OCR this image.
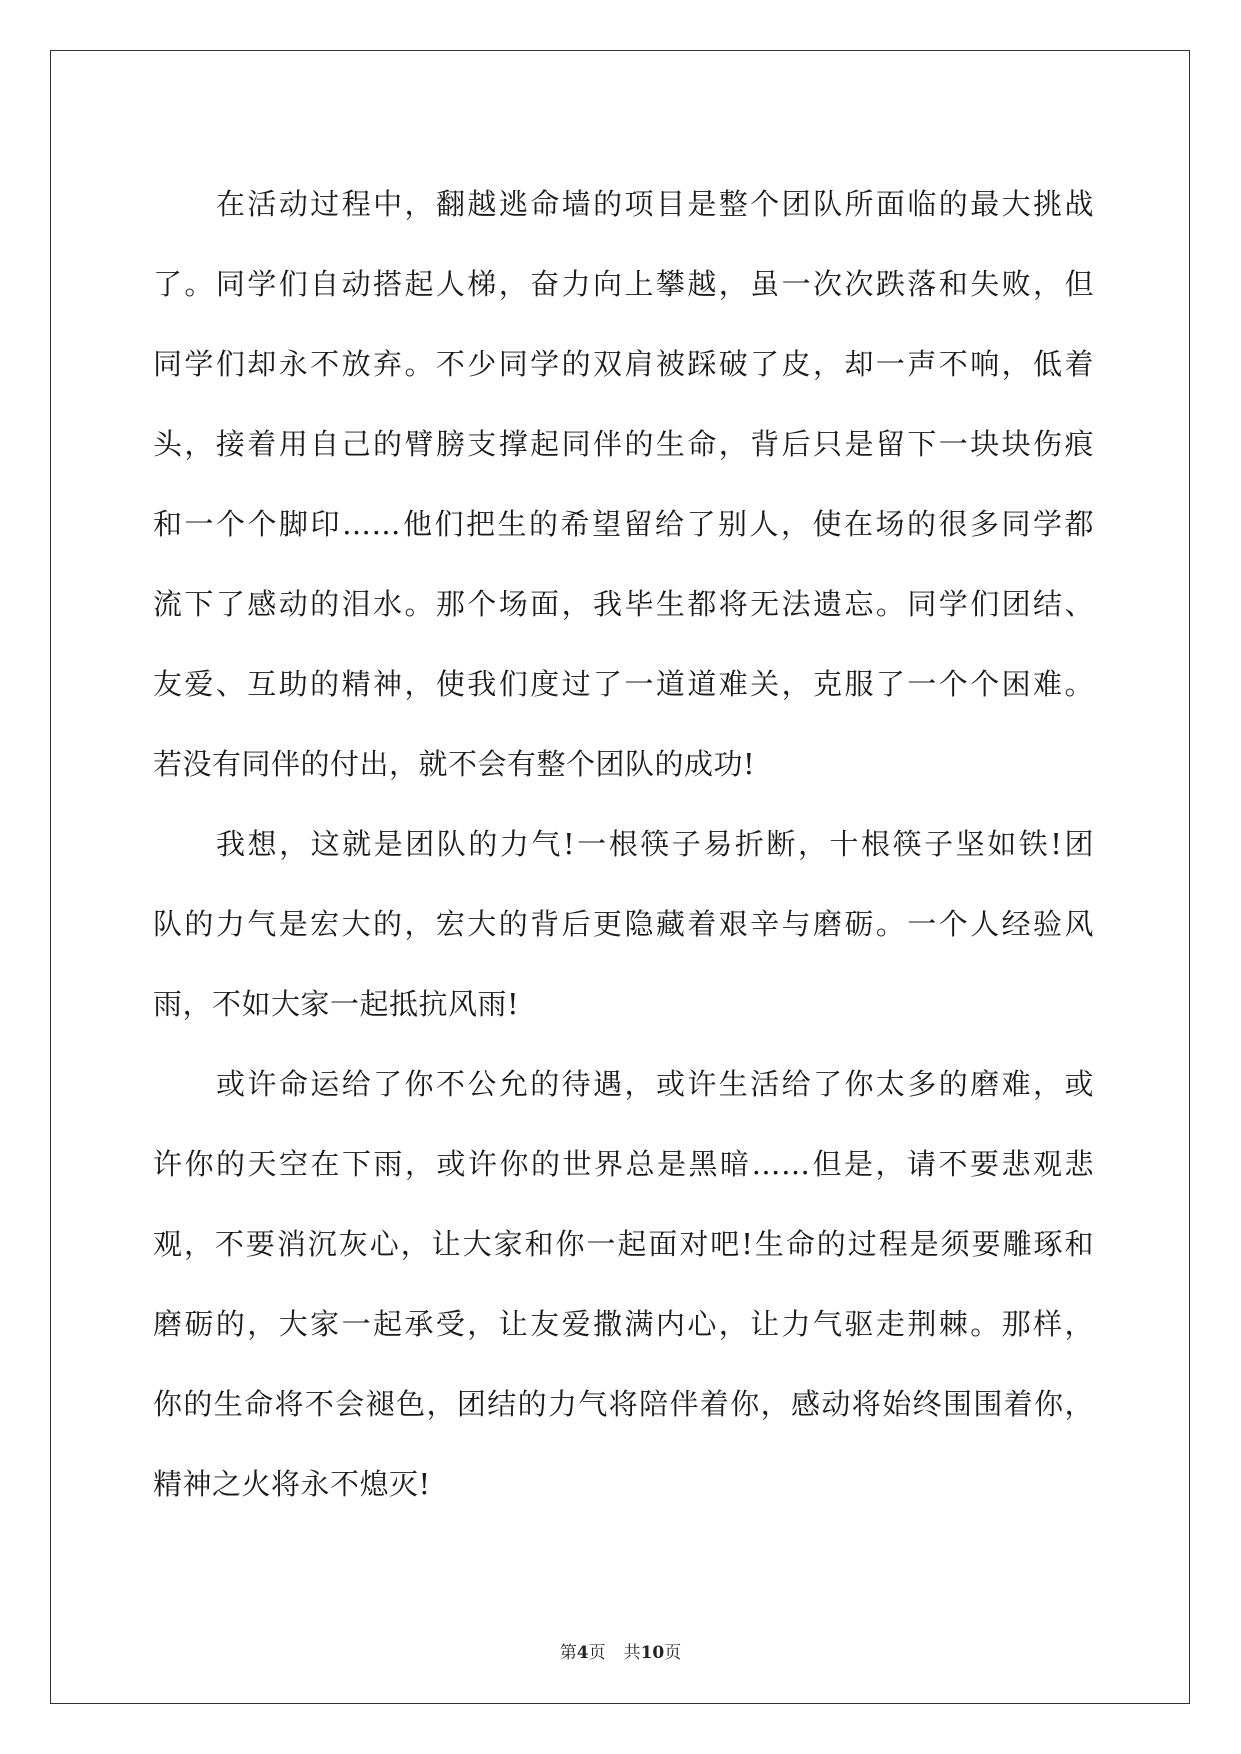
在活动过程中，翻越逃命墙的项目是整个团队所面临的最大挑战
了。同学们自动搭起人梯，奋力向上攀越，虽一次次跌落和失败，但
同学们却永不放弃。不少同学的双肩被踩破了皮，却一声不响，低着
头，接着用自己的臂膀支撑起同伴的生命，背后只是留下一块块伤痕
和一个个脚印……他们把生的希望留给了别人，使在场的很多同学都
流下了感动的泪水。那个场面，我毕生都将无法遗忘。同学们团结、
友爱、互助的精神，使我们度过了一道道难关，克服了一个个困难。
若没有同伴的付出，就不会有整个团队的成功!

我想，这就是团队的力气!一根筷子易折断，十根筷子坚如铁!团
队的力气是宏大的，宏大的背后更隐藏着艰辛与磨砺。一个人经验风
雨，不如大家一起抵抗风雨!

或许命运给了你不公允的待遇，或许生活给了你太多的磨难，或
许你的天空在下雨，或许你的世界总是黑暗……但是，请不要悲观悲
观，不要消沉灰心，让大家和你一起面对吧!生命的过程是须要雕琢和
磨砺的，大家一起承受，让友爱撒满内心，让力气驱走荆棘。那样，
你的生命将不会褪色，团结的力气将陪伴着你，感动将始终围围着你，
精神之火将永不熄灭!

第4页 共10页
